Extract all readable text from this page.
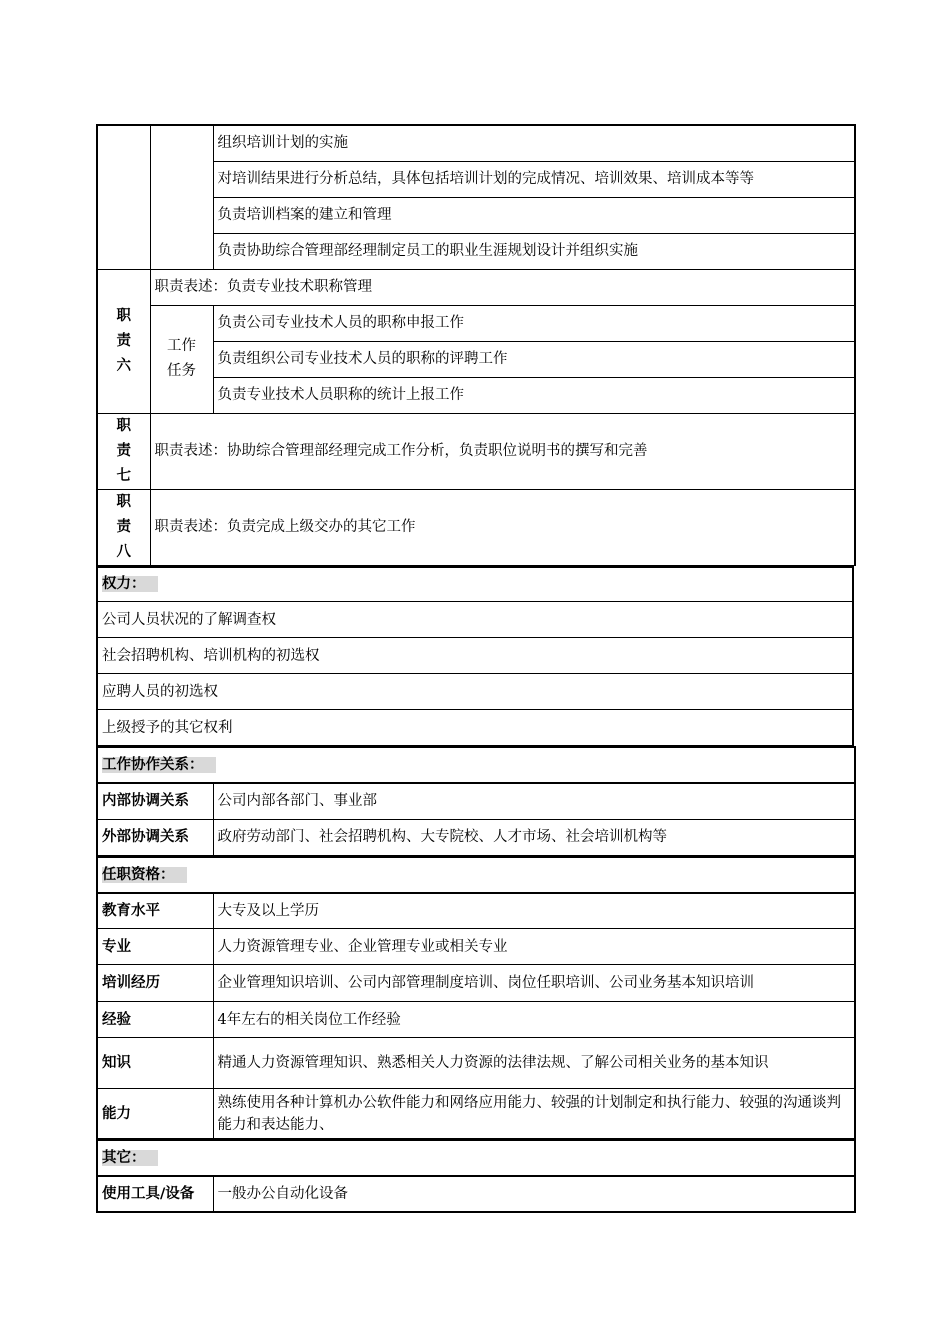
		组织培训计划的实施
		对培训结果进行分析总结，具体包括培训计划的完成情况、培训效果、培训成本等等
		负责培训档案的建立和管理
		负责协助综合管理部经理制定员工的职业生涯规划设计并组织实施

职
责
六	职责表述：负责专业技术职称管理	

	工作
任务	负责公司专业技术人员的职称申报工作
		负责组织公司专业技术人员的职称的评聘工作
		负责专业技术人员职称的统计上报工作

职
责
七	职责表述：协助综合管理部经理完成工作分析，负责职位说明书的撰写和完善	

职
责
八	职责表述：负责完成上级交办的其它工作	
权力：
公司人员状况的了解调查权
社会招聘机构、培训机构的初选权
应聘人员的初选权
上级授予的其它权利
工作协作关系：	
内部协调关系	公司内部各部门、事业部
外部协调关系	政府劳动部门、社会招聘机构、大专院校、人才市场、社会培训机构等
任职资格：	
教育水平	大专及以上学历
专业	人力资源管理专业、企业管理专业或相关专业
培训经历	企业管理知识培训、公司内部管理制度培训、岗位任职培训、公司业务基本知识培训
经验	4年左右的相关岗位工作经验
知识	精通人力资源管理知识、熟悉相关人力资源的法律法规、了解公司相关业务的基本知识
能力	熟练使用各种计算机办公软件能力和网络应用能力、较强的计划制定和执行能力、较强的沟通谈判能力和表达能力、
其它：
使用工具/设备	一般办公自动化设备
